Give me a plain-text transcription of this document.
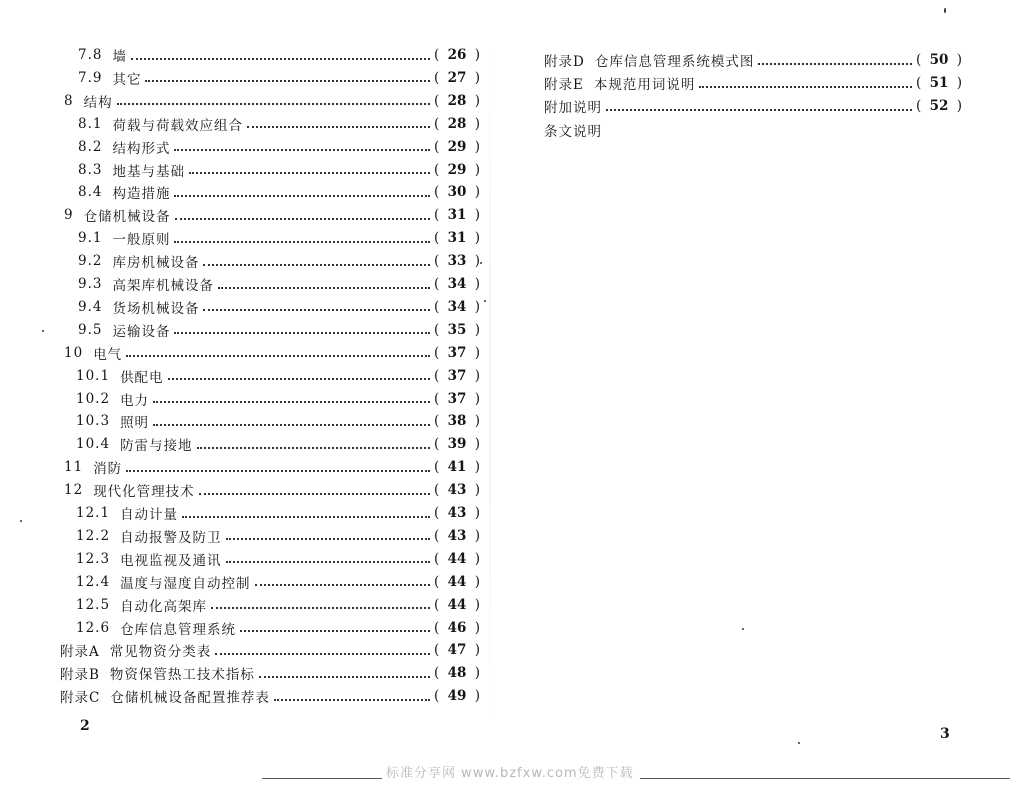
7.8 墙	( 26 )
7.9 其它	( 27 )
8 结构	( 28 )
8.1 荷载与荷载效应组合	( 28 )
8.2 结构形式	( 29 )
8.3 地基与基础	( 29 )
8.4 构造措施	( 30 )
9 仓储机械设备	( 31 )
9.1 一般原则	( 31 )
9.2 库房机械设备	( 33 )
9.3 高架库机械设备	( 34 )
9.4 货场机械设备	( 34 )
9.5 运输设备	( 35 )
10 电气	( 37 )
10.1 供配电	( 37 )
10.2 电力	( 37 )
10.3 照明	( 38 )
10.4 防雷与接地	( 39 )
11 消防	( 41 )
12 现代化管理技术	( 43 )
12.1 自动计量	( 43 )
12.2 自动报警及防卫	( 43 )
12.3 电视监视及通讯	( 44 )
12.4 温度与湿度自动控制	( 44 )
12.5 自动化高架库	( 44 )
12.6 仓库信息管理系统	( 46 )
附录A 常见物资分类表	( 47 )
附录B 物资保管热工技术指标	( 48 )
附录C 仓储机械设备配置推荐表	( 49 )
附录D 仓库信息管理系统模式图	( 50 )
附录E 本规范用词说明	( 51 )
附加说明	( 52 )
条文说明
2	3
标准分享网 www.bzfxw.com免费下载
